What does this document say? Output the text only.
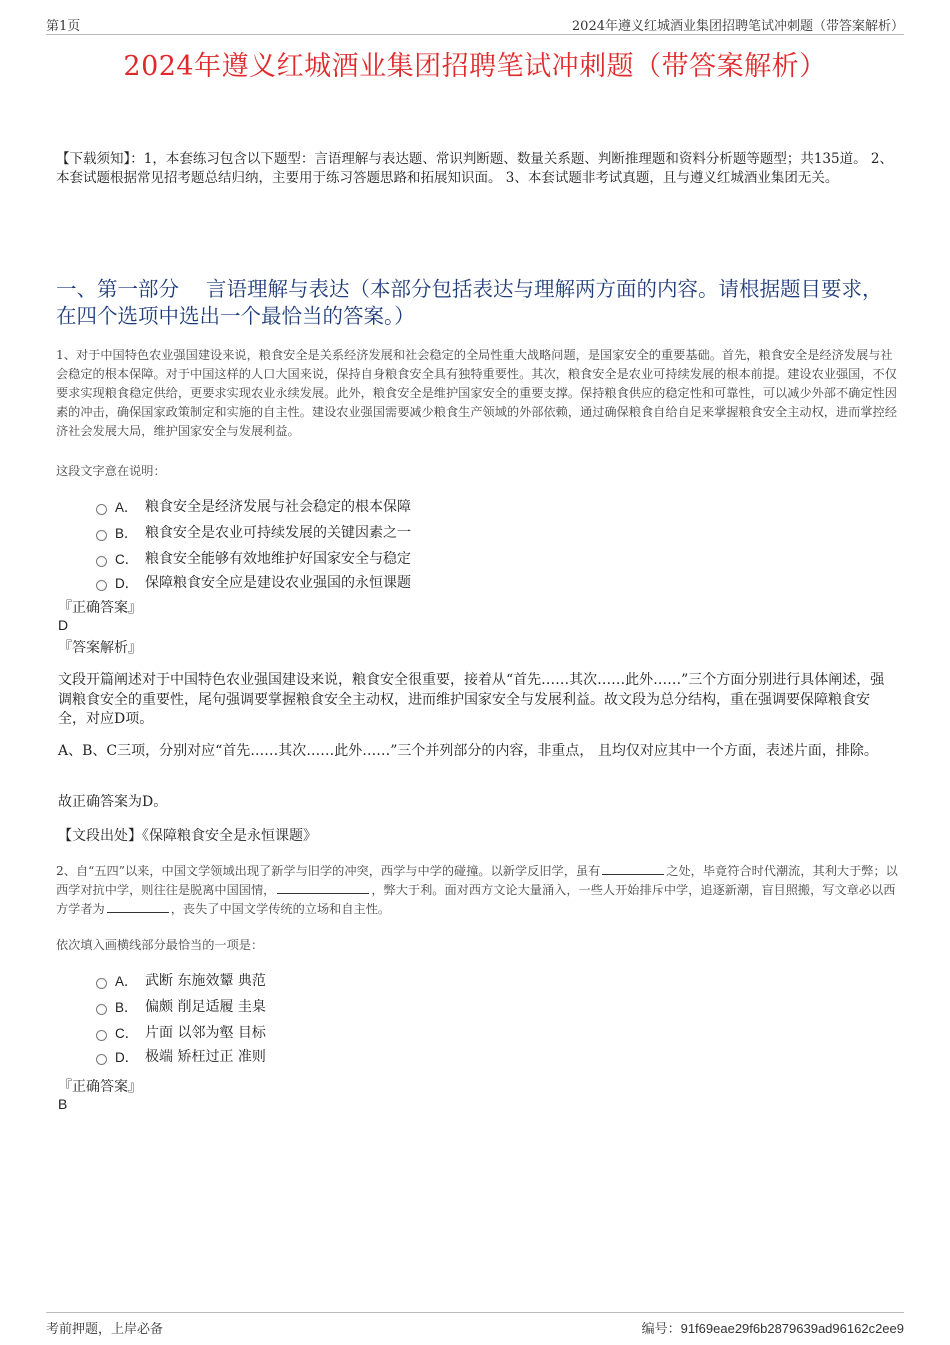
第1页	2024年遵义红城酒业集团招聘笔试冲刺题（带答案解析）
2024年遵义红城酒业集团招聘笔试冲刺题（带答案解析）
【下载须知】：1，本套练习包含以下题型：言语理解与表达题、常识判断题、数量关系题、判断推理题和资料分析题等题型；共135道。 2、本套试题根据常见招考题总结归纳，主要用于练习答题思路和拓展知识面。 3、本套试题非考试真题，且与遵义红城酒业集团无关。
一、第一部分　 言语理解与表达（本部分包括表达与理解两方面的内容。请根据题目要求，在四个选项中选出一个最恰当的答案。）
1、对于中国特色农业强国建设来说，粮食安全是关系经济发展和社会稳定的全局性重大战略问题，是国家安全的重要基础。首先，粮食安全是经济发展与社会稳定的根本保障。对于中国这样的人口大国来说，保持自身粮食安全具有独特重要性。其次，粮食安全是农业可持续发展的根本前提。建设农业强国，不仅要求实现粮食稳定供给，更要求实现农业永续发展。此外，粮食安全是维护国家安全的重要支撑。保持粮食供应的稳定性和可靠性，可以减少外部不确定性因素的冲击，确保国家政策制定和实施的自主性。建设农业强国需要减少粮食生产领域的外部依赖，通过确保粮食自给自足来掌握粮食安全主动权，进而掌控经济社会发展大局，维护国家安全与发展利益。
这段文字意在说明：
A． 粮食安全是经济发展与社会稳定的根本保障
B． 粮食安全是农业可持续发展的关键因素之一
C． 粮食安全能够有效地维护好国家安全与稳定
D． 保障粮食安全应是建设农业强国的永恒课题
『正确答案』
D
『答案解析』
文段开篇阐述对于中国特色农业强国建设来说，粮食安全很重要，接着从“首先……其次……此外……”三个方面分别进行具体阐述，强调粮食安全的重要性，尾句强调要掌握粮食安全主动权，进而维护国家安全与发展利益。故文段为总分结构，重在强调要保障粮食安全，对应D项。
A、B、C三项，分别对应“首先……其次……此外……”三个并列部分的内容，非重点， 且均仅对应其中一个方面，表述片面，排除。
故正确答案为D。
【文段出处】《保障粮食安全是永恒课题》
2、自“五四”以来，中国文学领域出现了新学与旧学的冲突，西学与中学的碰撞。以新学反旧学，虽有	之处，毕竟符合时代潮流，其利大于弊；以西学对抗中学，则往往是脱离中国国情，	，弊大于利。面对西方文论大量涌入，一些人开始排斥中学，追逐新潮，盲目照搬，写文章必以西方学者为	，丧失了中国文学传统的立场和自主性。
依次填入画横线部分最恰当的一项是：
A． 武断 东施效颦 典范
B． 偏颇 削足适履 圭臬
C． 片面 以邻为壑 目标
D． 极端 矫枉过正 准则
『正确答案』
B
考前押题，上岸必备	编号：91f69eae29f6b2879639ad96162c2ee9
